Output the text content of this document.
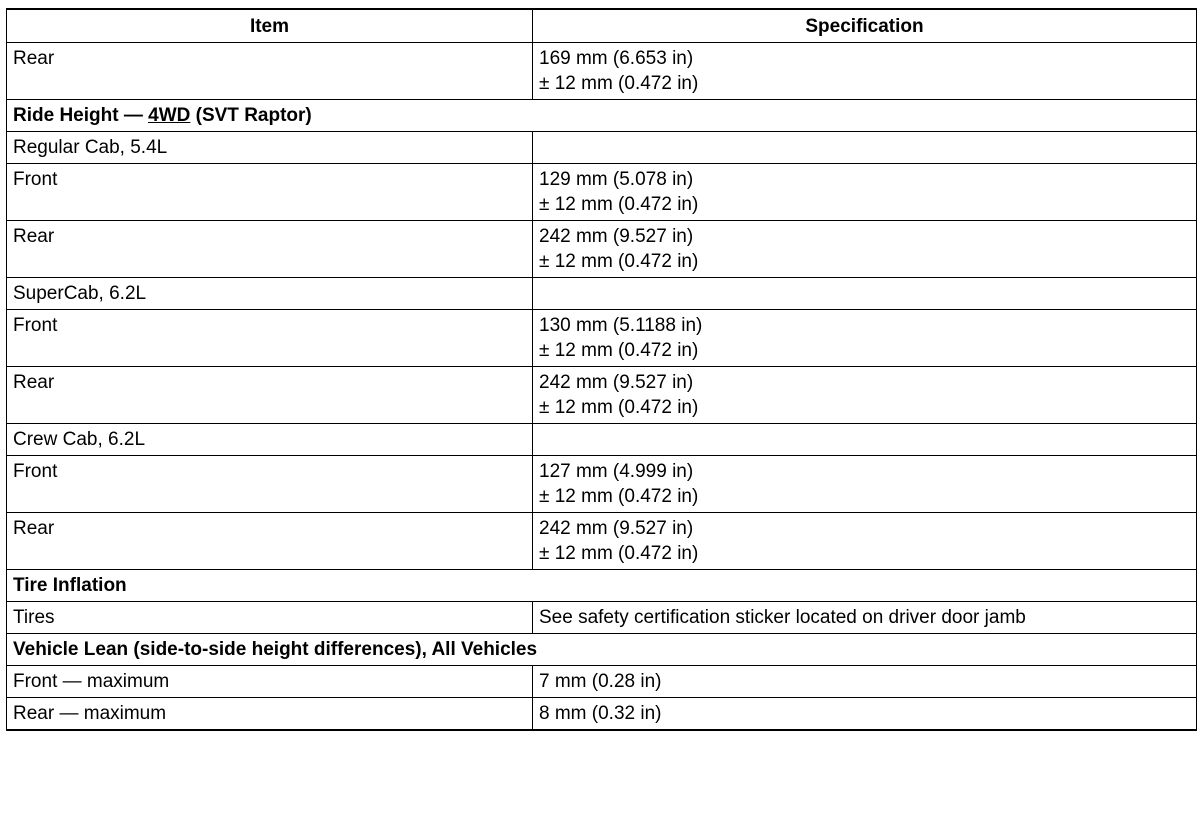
Item	Specification
Rear	169 mm (6.653 in)
± 12 mm (0.472 in)

Ride Height — 4WD (SVT Raptor)	
Regular Cab, 5.4L	
Front	129 mm (5.078 in)
± 12 mm (0.472 in)

Rear	242 mm (9.527 in)
± 12 mm (0.472 in)

SuperCab, 6.2L	
Front	130 mm (5.1188 in)
± 12 mm (0.472 in)

Rear	242 mm (9.527 in)
± 12 mm (0.472 in)

Crew Cab, 6.2L	
Front	127 mm (4.999 in)
± 12 mm (0.472 in)

Rear	242 mm (9.527 in)
± 12 mm (0.472 in)

Tire Inflation	
Tires	See safety certification sticker located on driver door jamb

Vehicle Lean (side-to-side height differences), All Vehicles	
Front — maximum	7 mm (0.28 in)

Rear — maximum	8 mm (0.32 in)
